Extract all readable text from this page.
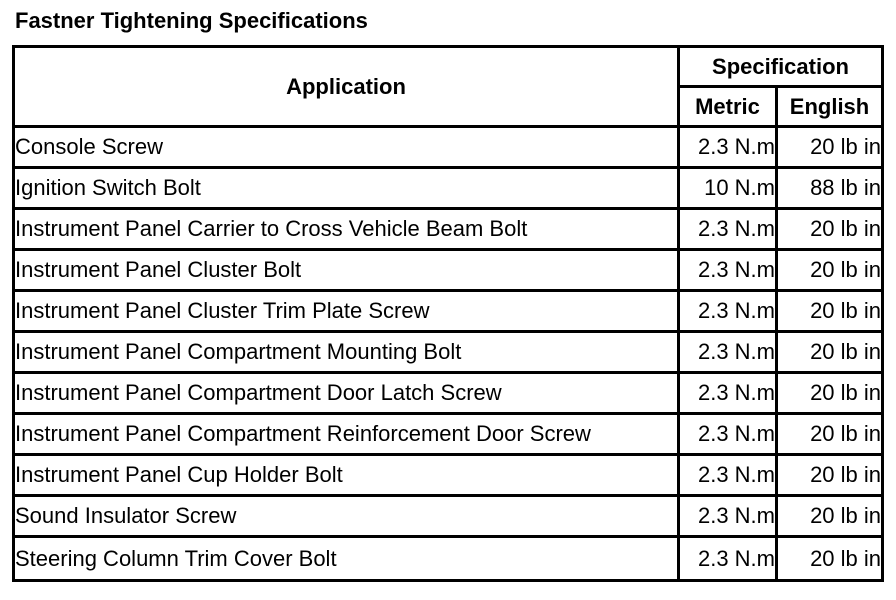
Fastner Tightening Specifications
Application	Specification	
	Metric	English
Console Screw	2.3 N.m	20 lb in
Ignition Switch Bolt	10 N.m	88 lb in
Instrument Panel Carrier to Cross Vehicle Beam Bolt	2.3 N.m	20 lb in
Instrument Panel Cluster Bolt	2.3 N.m	20 lb in
Instrument Panel Cluster Trim Plate Screw	2.3 N.m	20 lb in
Instrument Panel Compartment Mounting Bolt	2.3 N.m	20 lb in
Instrument Panel Compartment Door Latch Screw	2.3 N.m	20 lb in
Instrument Panel Compartment Reinforcement Door Screw	2.3 N.m	20 lb in
Instrument Panel Cup Holder Bolt	2.3 N.m	20 lb in
Sound Insulator Screw	2.3 N.m	20 lb in
Steering Column Trim Cover Bolt	2.3 N.m	20 lb in
